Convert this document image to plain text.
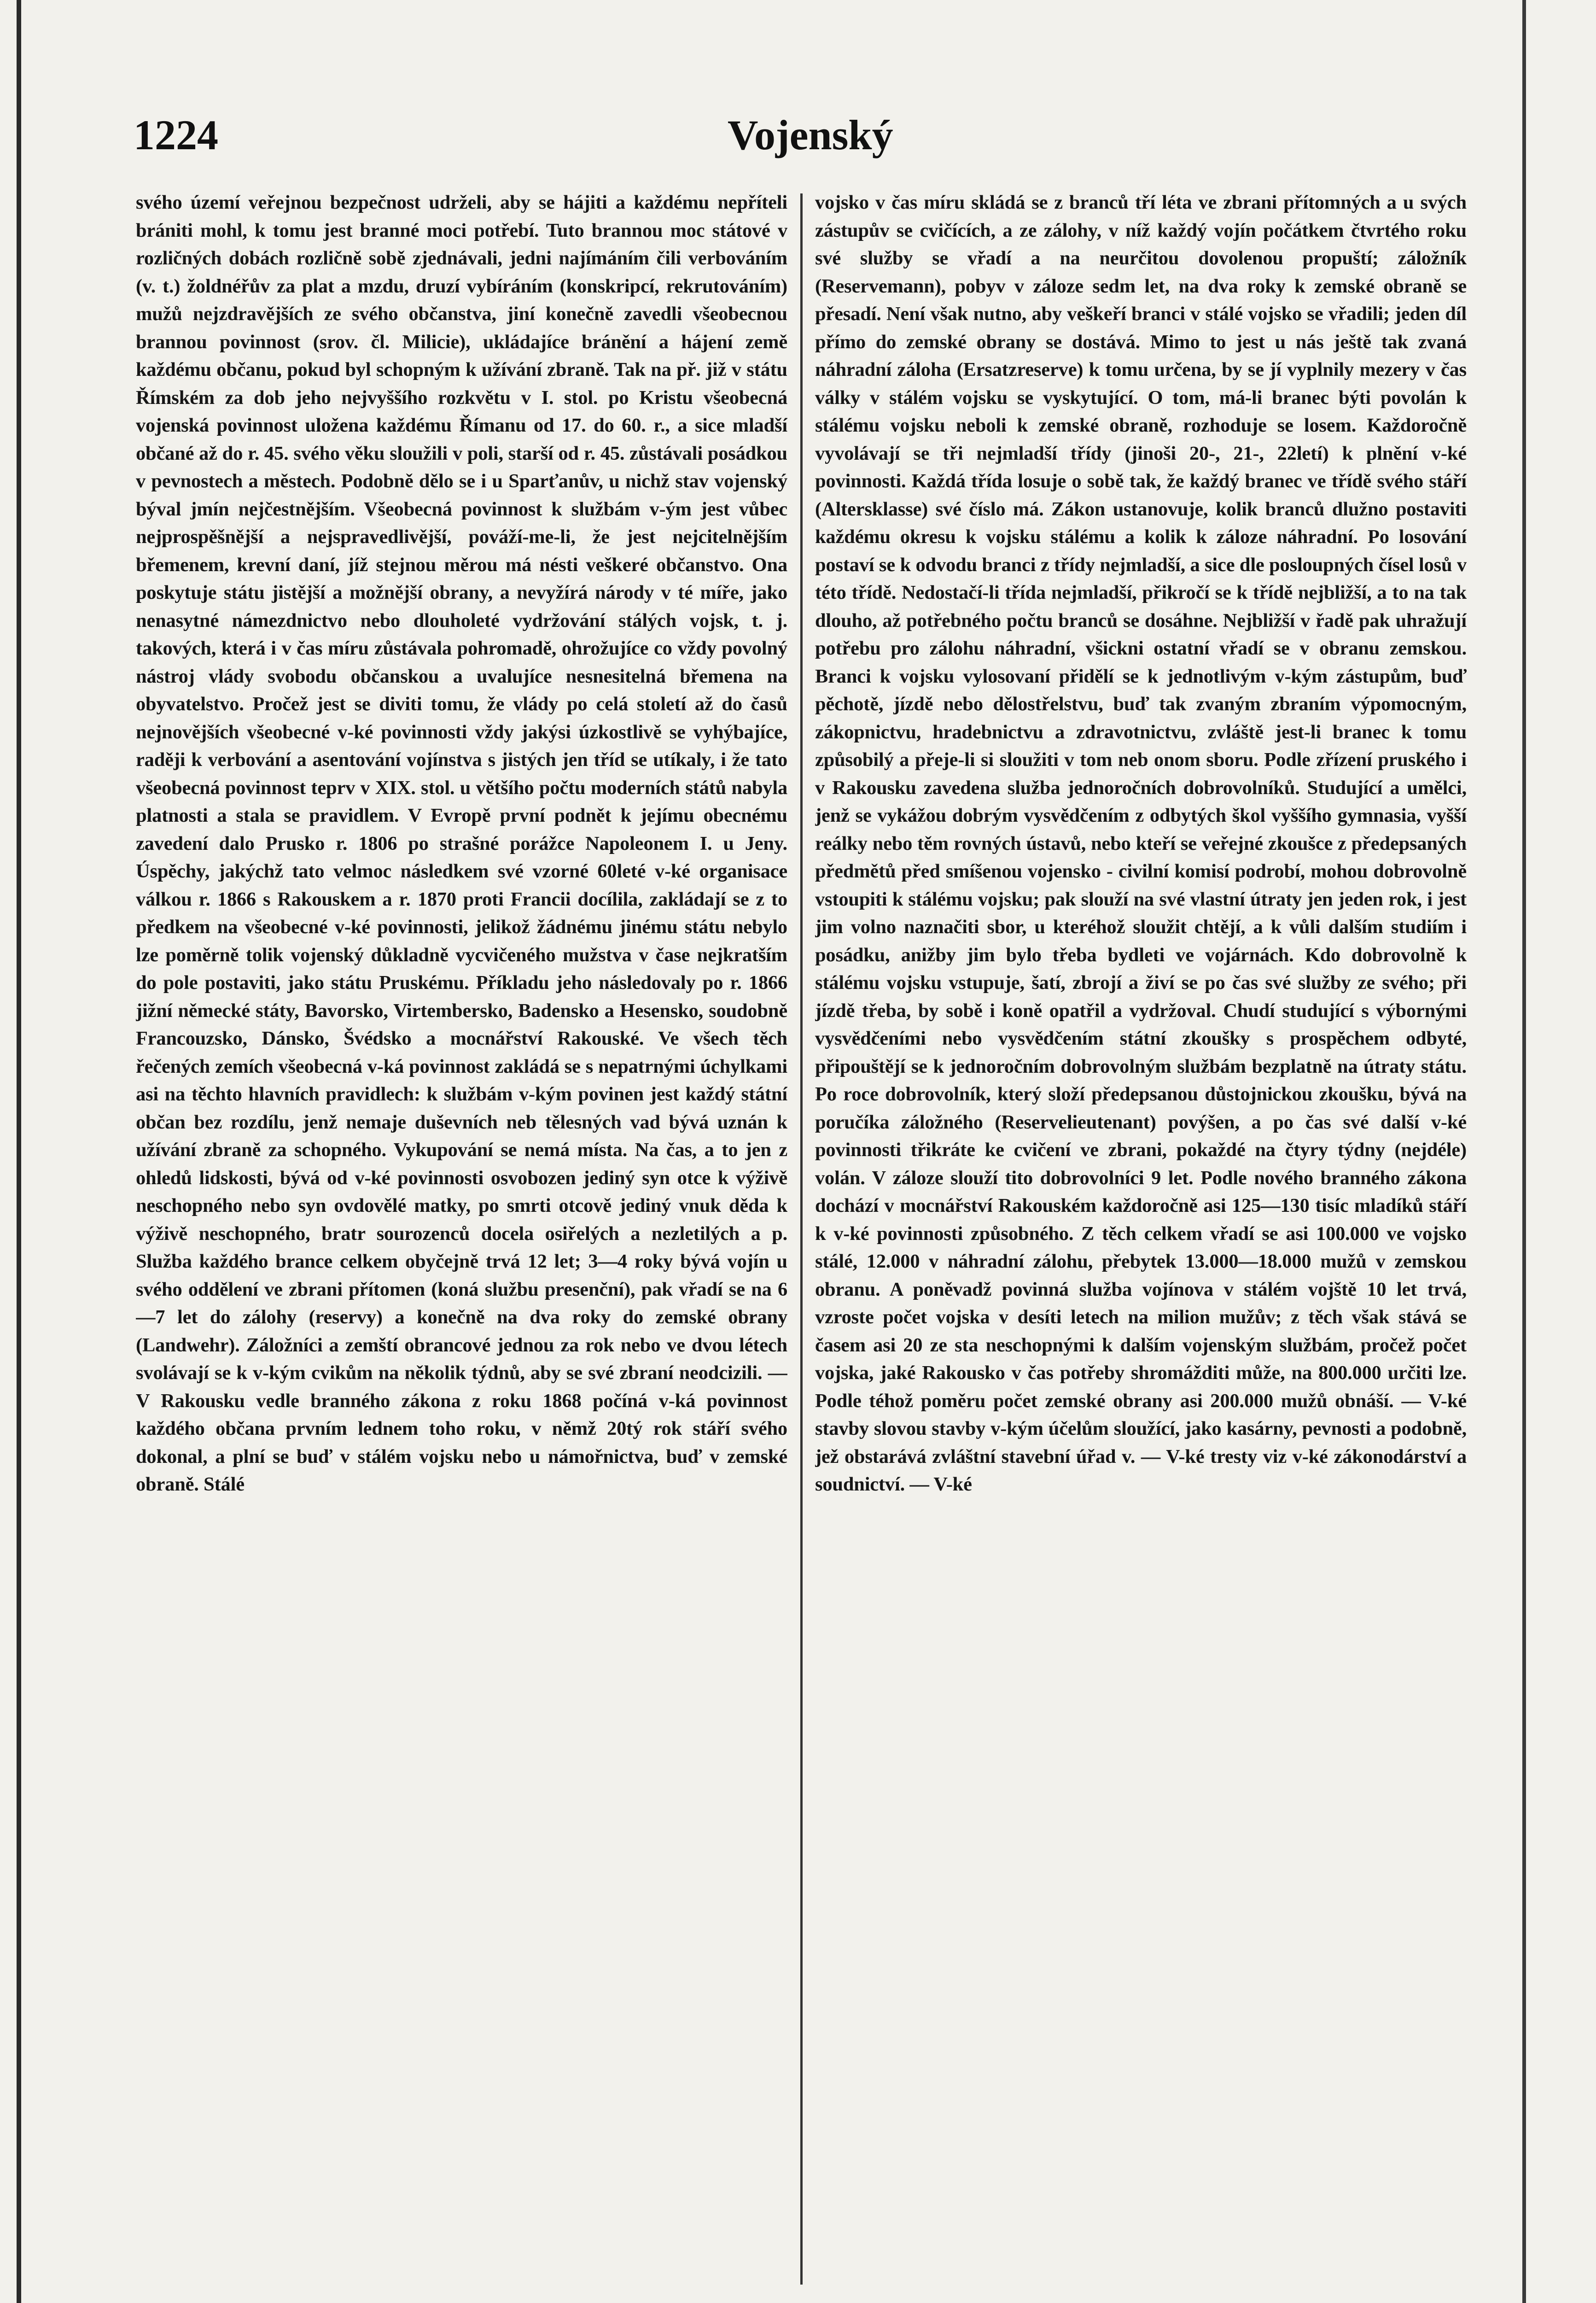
1224	Vojenský
svého území veřejnou bezpečnost udrželi, aby se hájiti a každému nepříteli brániti mohl, k tomu jest branné moci potřebí. Tuto brannou moc státové v rozličných dobách rozličně sobě zjednávali, jedni najímáním čili verbováním (v. t.) žoldnéřův za plat a mzdu, druzí vybíráním (konskripcí, rekrutováním) mužů nejzdravějších ze svého občanstva, jiní konečně zavedli všeobecnou brannou povinnost (srov. čl. Milicie), ukládajíce bránění a hájení země každému občanu, pokud byl schopným k užívání zbraně. Tak na př. již v státu Římském za dob jeho nejvyššího rozkvětu v I. stol. po Kristu všeobecná vojenská povinnost uložena každému Římanu od 17. do 60. r., a sice mladší občané až do r. 45. svého věku sloužili v poli, starší od r. 45. zůstávali posádkou v pevnostech a městech. Podobně dělo se i u Sparťanův, u nichž stav vojenský býval jmín nejčestnějším. Všeobecná povinnost k službám v-ým jest vůbec nejprospěšnější a nejspravedlivější, pováží-me-li, že jest nejcitelnějším břemenem, krevní daní, jíž stejnou měrou má nésti veškeré občanstvo. Ona poskytuje státu jistější a možnější obrany, a nevyžírá národy v té míře, jako nenasytné námezdnictvo nebo dlouholeté vydržování stálých vojsk, t. j. takových, která i v čas míru zůstávala pohromadě, ohrožujíce co vždy povolný nástroj vlády svobodu občanskou a uvalujíce nesnesitelná břemena na obyvatelstvo. Pročež jest se diviti tomu, že vlády po celá století až do časů nejnovějších všeobecné v-ké povinnosti vždy jakýsi úzkostlivě se vyhýbajíce, raději k verbování a asentování vojínstva s jistých jen tříd se utíkaly, i že tato všeobecná povinnost teprv v XIX. stol. u většího počtu moderních států nabyla platnosti a stala se pravidlem. V Evropě první podnět k jejímu obecnému zavedení dalo Prusko r. 1806 po strašné porážce Napoleonem I. u Jeny. Úspěchy, jakýchž tato velmoc následkem své vzorné 60leté v-ké organisace válkou r. 1866 s Rakouskem a r. 1870 proti Francii docílila, zakládají se z to předkem na všeobecné v-ké povinnosti, jelikož žádnému jinému státu nebylo lze poměrně tolik vojenský důkladně vycvičeného mužstva v čase nejkratším do pole postaviti, jako státu Pruskému. Příkladu jeho následovaly po r. 1866 jižní německé státy, Bavorsko, Virtembersko, Badensko a Hesensko, soudobně Francouzsko, Dánsko, Švédsko a mocnářství Rakouské. Ve všech těch řečených zemích všeobecná v-ká povinnost zakládá se s nepatrnými úchylkami asi na těchto hlavních pravidlech: k službám v-kým povinen jest každý státní občan bez rozdílu, jenž nemaje duševních neb tělesných vad bývá uznán k užívání zbraně za schopného. Vykupování se nemá místa. Na čas, a to jen z ohledů lidskosti, bývá od v-ké povinnosti osvobozen jediný syn otce k výživě neschopného nebo syn ovdovělé matky, po smrti otcově jediný vnuk děda k výživě neschopného, bratr sourozenců docela osiřelých a nezletilých a p. Služba každého brance celkem obyčejně trvá 12 let; 3—4 roky bývá vojín u svého oddělení ve zbrani přítomen (koná službu presenční), pak vřadí se na 6—7 let do zálohy (reservy) a konečně na dva roky do zemské obrany (Landwehr). Záložníci a zemští obrancové jednou za rok nebo ve dvou létech svolávají se k v-kým cvikům na několik týdnů, aby se své zbraní neodcizili. — V Rakousku vedle branného zákona z roku 1868 počíná v-ká povinnost každého občana prvním lednem toho roku, v němž 20tý rok stáří svého dokonal, a plní se buď v stálém vojsku nebo u námořnictva, buď v zemské obraně. Stálé
vojsko v čas míru skládá se z branců tří léta ve zbrani přítomných a u svých zástupův se cvičících, a ze zálohy, v níž každý vojín počátkem čtvrtého roku své služby se vřadí a na neurčitou dovolenou propuští; záložník (Reservemann), pobyv v záloze sedm let, na dva roky k zemské obraně se přesadí. Není však nutno, aby veškeří branci v stálé vojsko se vřadili; jeden díl přímo do zemské obrany se dostává. Mimo to jest u nás ještě tak zvaná náhradní záloha (Ersatzreserve) k tomu určena, by se jí vyplnily mezery v čas války v stálém vojsku se vyskytující. O tom, má-li branec býti povolán k stálému vojsku neboli k zemské obraně, rozhoduje se losem. Každoročně vyvolávají se tři nejmladší třídy (jinoši 20-, 21-, 22letí) k plnění v-ké povinnosti. Každá třída losuje o sobě tak, že každý branec ve třídě svého stáří (Altersklasse) své číslo má. Zákon ustanovuje, kolik branců dlužno postaviti každému okresu k vojsku stálému a kolik k záloze náhradní. Po losování postaví se k odvodu branci z třídy nejmladší, a sice dle posloupných čísel losů v této třídě. Nedostačí-li třída nejmladší, přikročí se k třídě nejbližší, a to na tak dlouho, až potřebného počtu branců se dosáhne. Nejbližší v řadě pak uhražují potřebu pro zálohu náhradní, všickni ostatní vřadí se v obranu zemskou. Branci k vojsku vylosovaní přidělí se k jednotlivým v-kým zástupům, buď pěchotě, jízdě nebo dělostřelstvu, buď tak zvaným zbraním výpomocným, zákopnictvu, hradebnictvu a zdravotnictvu, zvláště jest-li branec k tomu způsobilý a přeje-li si sloužiti v tom neb onom sboru. Podle zřízení pruského i v Rakousku zavedena služba jednoročních dobrovolníků. Studující a umělci, jenž se vykážou dobrým vysvědčením z odbytých škol vyššího gymnasia, vyšší reálky nebo těm rovných ústavů, nebo kteří se veřejné zkoušce z předepsaných předmětů před smíšenou vojensko - civilní komisí podrobí, mohou dobrovolně vstoupiti k stálému vojsku; pak slouží na své vlastní útraty jen jeden rok, i jest jim volno naznačiti sbor, u kteréhož sloužit chtějí, a k vůli dalším studiím i posádku, anižby jim bylo třeba bydleti ve vojárnách. Kdo dobrovolně k stálému vojsku vstupuje, šatí, zbrojí a živí se po čas své služby ze svého; při jízdě třeba, by sobě i koně opatřil a vydržoval. Chudí studující s výbornými vysvědčeními nebo vysvědčením státní zkoušky s prospěchem odbyté, připouštějí se k jednoročním dobrovolným službám bezplatně na útraty státu. Po roce dobrovolník, který složí předepsanou důstojnickou zkoušku, bývá na poručíka záložného (Reservelieutenant) povýšen, a po čas své další v-ké povinnosti třikráte ke cvičení ve zbrani, pokaždé na čtyry týdny (nejdéle) volán. V záloze slouží tito dobrovolníci 9 let. Podle nového branného zákona dochází v mocnářství Rakouském každoročně asi 125—130 tisíc mladíků stáří k v-ké povinnosti způsobného. Z těch celkem vřadí se asi 100.000 ve vojsko stálé, 12.000 v náhradní zálohu, přebytek 13.000—18.000 mužů v zemskou obranu. A poněvadž povinná služba vojínova v stálém vojště 10 let trvá, vzroste počet vojska v desíti letech na milion mužův; z těch však stává se časem asi 20 ze sta neschopnými k dalším vojenským službám, pročež počet vojska, jaké Rakousko v čas potřeby shromážditi může, na 800.000 určiti lze. Podle téhož poměru počet zemské obrany asi 200.000 mužů obnáší. — V-ké stavby slovou stavby v-kým účelům sloužící, jako kasárny, pevnosti a podobně, jež obstarává zvláštní stavební úřad v. — V-ké tresty viz v-ké zákonodárství a soudnictví. — V-ké
